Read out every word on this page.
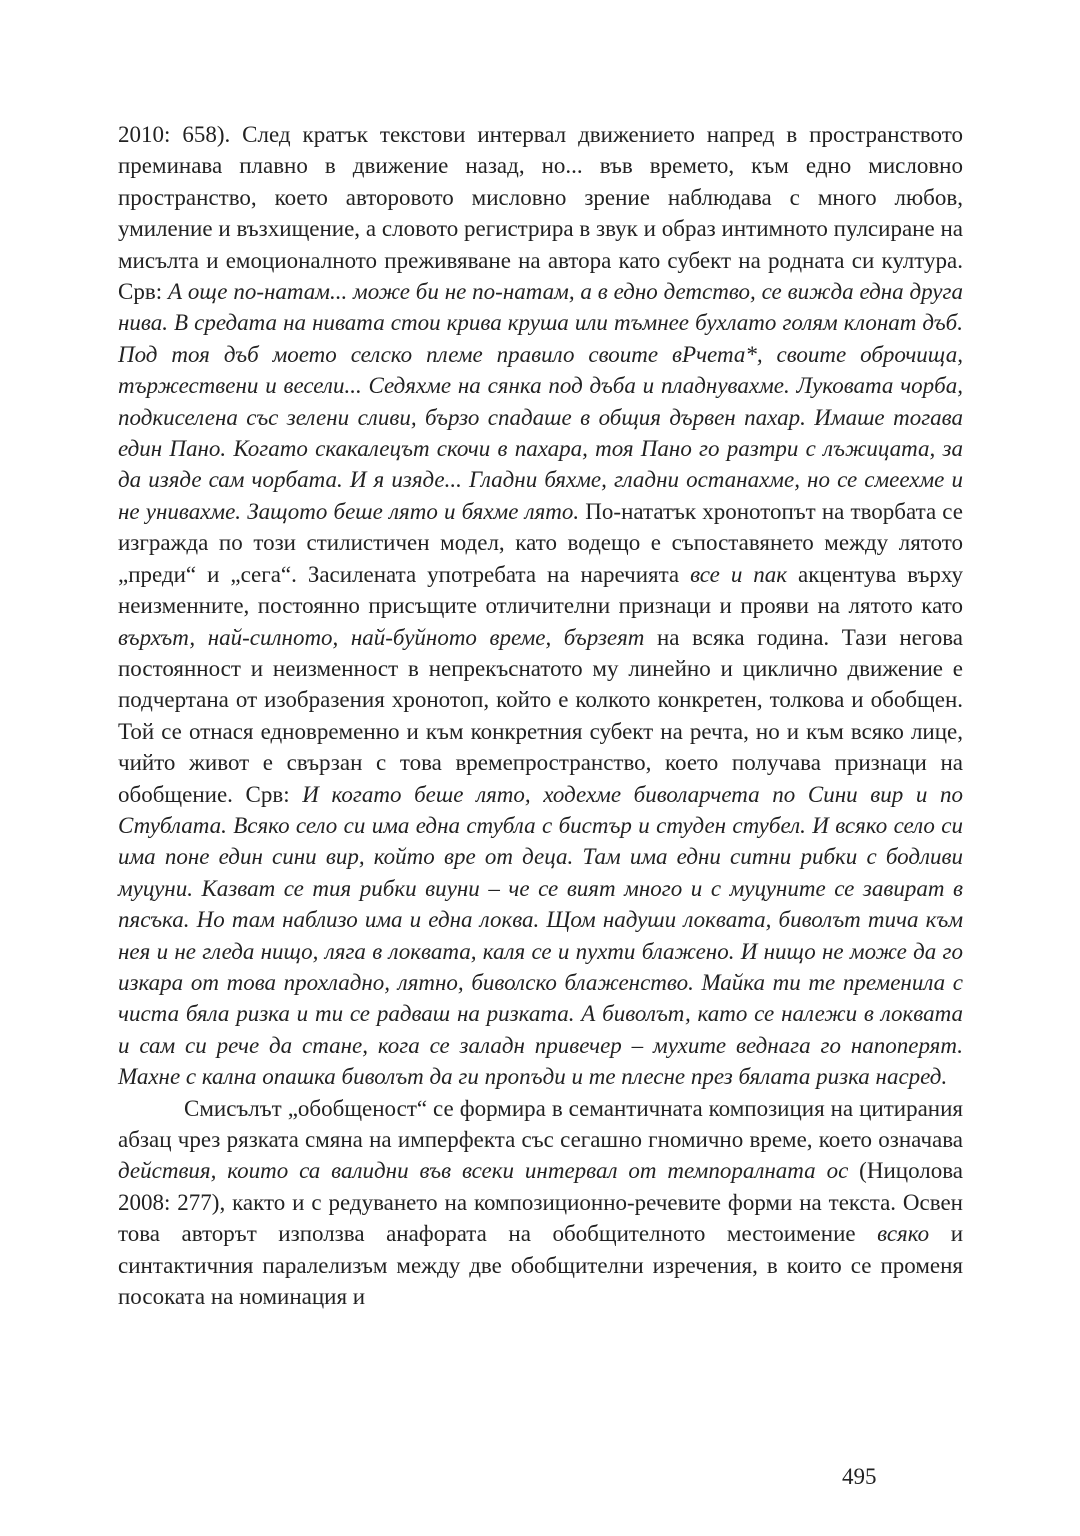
2010: 658). След кратък текстови интервал движението напред в пространството преминава плавно в движение назад, но... във времето, към едно мисловно пространство, което авторовото мисловно зрение наблюдава с много любов, умиление и възхищение, а словото регистрира в звук и образ интимното пулсиране на мисълта и емоционалното преживяване на автора като субект на родната си култура. Срв: А още по-натам... може би не по-натам, а в едно детство, се вижда една друга нива. В средата на нивата стои крива круша или тъмнее бухлато голям клонат дъб. Под тоя дъб моето селско племе правило своите вРчета*, своите оброчища, тържествени и весели... Седяхме на сянка под дъба и пладнувахме. Луковата чорба, подкиселена със зелени сливи, бързо спадаше в общия дървен пахар. Имаше тогава един Пано. Когато скакалецът скочи в пахара, тоя Пано го разтри с лъжицата, за да изяде сам чорбата. И я изяде... Гладни бяхме, гладни останахме, но се смеехме и не унивахме. Защото беше лято и бяхме лято. По-нататък хронотопът на творбата се изгражда по този стилистичен модел, като водещо е съпоставянето между лятото „преди“ и „сега“. Засилената употребата на наречията все и пак акцентува върху неизменните, постоянно присъщите отличителни признаци и прояви на лятото като върхът, най-силното, най-буйното време, бързеят на всяка година. Тази негова постоянност и неизменност в непрекъснатото му линейно и циклично движение е подчертана от изобразения хронотоп, който е колкото конкретен, толкова и обобщен. Той се отнася едновременно и към конкретния субект на речта, но и към всяко лице, чийто живот е свързан с това времепространство, което получава признаци на обобщение. Срв: И когато беше лято, ходехме биволарчета по Сини вир и по Стублата. Всяко село си има една стубла с бистър и студен стубел. И всяко село си има поне един сини вир, който вре от деца. Там има едни ситни рибки с бодливи муцуни. Казват се тия рибки виуни – че се вият много и с муцуните се завират в пясъка. Но там наблизо има и една локва. Щом надуши локвата, биволът тича към нея и не гледа нищо, ляга в локвата, каля се и пухти блажено. И нищо не може да го изкара от това прохладно, лятно, биволско блаженство. Майка ти те пременила с чиста бяла ризка и ти се радваш на ризката. А биволът, като се належи в локвата и сам си рече да стане, кога се заладн привечер – мухите веднага го напоперят. Махне с кална опашка биволът да ги пропъди и те плесне през бялата ризка насред.

Смисълът „обобщеност“ се формира в семантичната композиция на цитирания абзац чрез рязката смяна на имперфекта със сегашно гномично време, което означава действия, които са валидни във всеки интервал от темпоралната ос (Ницолова 2008: 277), както и с редуването на композиционно-речевите форми на текста. Освен това авторът използва анафората на обобщителното местоимение всяко и синтактичния паралелизъм между две обобщителни изречения, в които се променя посоката на номинация и

495
